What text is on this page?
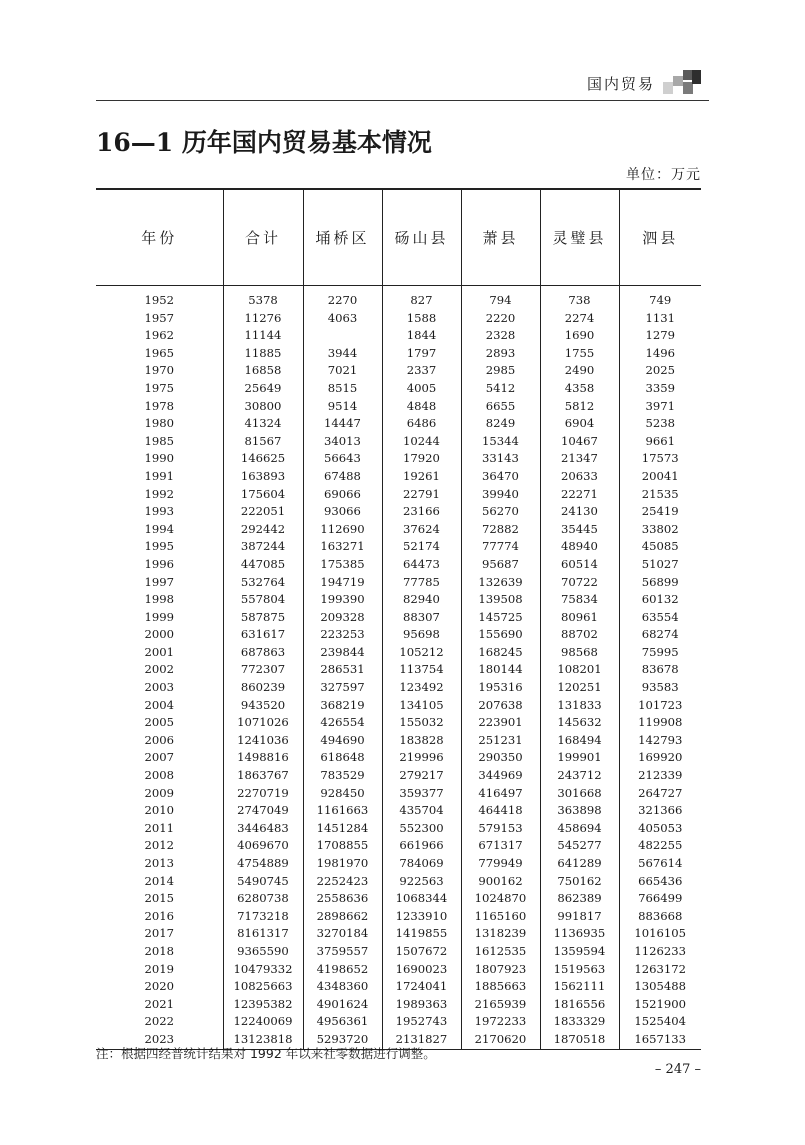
国内贸易
16—1 历年国内贸易基本情况
单位：万元
年份	合计	埇桥区	砀山县	萧县	灵璧县	泗县
1952	5378	2270	827	794	738	749
1957	11276	4063	1588	2220	2274	1131
1962	11144		1844	2328	1690	1279
1965	11885	3944	1797	2893	1755	1496
1970	16858	7021	2337	2985	2490	2025
1975	25649	8515	4005	5412	4358	3359
1978	30800	9514	4848	6655	5812	3971
1980	41324	14447	6486	8249	6904	5238
1985	81567	34013	10244	15344	10467	9661
1990	146625	56643	17920	33143	21347	17573
1991	163893	67488	19261	36470	20633	20041
1992	175604	69066	22791	39940	22271	21535
1993	222051	93066	23166	56270	24130	25419
1994	292442	112690	37624	72882	35445	33802
1995	387244	163271	52174	77774	48940	45085
1996	447085	175385	64473	95687	60514	51027
1997	532764	194719	77785	132639	70722	56899
1998	557804	199390	82940	139508	75834	60132
1999	587875	209328	88307	145725	80961	63554
2000	631617	223253	95698	155690	88702	68274
2001	687863	239844	105212	168245	98568	75995
2002	772307	286531	113754	180144	108201	83678
2003	860239	327597	123492	195316	120251	93583
2004	943520	368219	134105	207638	131833	101723
2005	1071026	426554	155032	223901	145632	119908
2006	1241036	494690	183828	251231	168494	142793
2007	1498816	618648	219996	290350	199901	169920
2008	1863767	783529	279217	344969	243712	212339
2009	2270719	928450	359377	416497	301668	264727
2010	2747049	1161663	435704	464418	363898	321366
2011	3446483	1451284	552300	579153	458694	405053
2012	4069670	1708855	661966	671317	545277	482255
2013	4754889	1981970	784069	779949	641289	567614
2014	5490745	2252423	922563	900162	750162	665436
2015	6280738	2558636	1068344	1024870	862389	766499
2016	7173218	2898662	1233910	1165160	991817	883668
2017	8161317	3270184	1419855	1318239	1136935	1016105
2018	9365590	3759557	1507672	1612535	1359594	1126233
2019	10479332	4198652	1690023	1807923	1519563	1263172
2020	10825663	4348360	1724041	1885663	1562111	1305488
2021	12395382	4901624	1989363	2165939	1816556	1521900
2022	12240069	4956361	1952743	1972233	1833329	1525404
2023	13123818	5293720	2131827	2170620	1870518	1657133
注：根据四经普统计结果对 1992 年以来社零数据进行调整。
– 247 –
